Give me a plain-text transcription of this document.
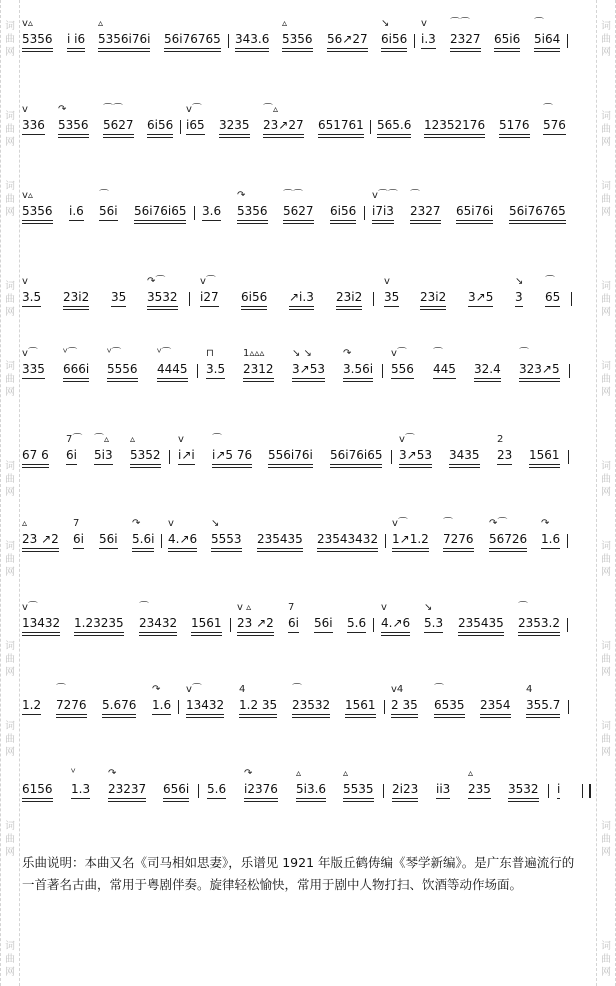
词
曲
网
词
曲
网
词
曲
网
词
曲
网
词
曲
网
词
曲
网
词
曲
网
词
曲
网
词
曲
网
词
曲
网
词
曲
网
词
曲
网
词
曲
网
词
曲
网
词
曲
网
词
曲
网
词
曲
网
词
曲
网
词
曲
网
词
曲
网
词
曲
网
词
曲
网
v▵
5356 i i6
▵
5356i76i 56i76765 343.6
▵
5356 56↗27
↘
6i56
v
i.3
⌒⌒
2327 65i6
⌒
5i64
v
336
↷
5356
⌒⌒
5627 6i56
v⌒
i65 3235
⌒▵
23↗27 651761 565.6 12352176 5176
⌒
576
v▵
5356 i.6
⌒
56i 56i76i65 3.6
↷
5356
⌒⌒
5627 6i56
v⌒⌒
i7i3
⌒
2327 65i76i 56i76765
v
3.5 23i2 35
↷⌒
3532
v⌒
i27 6i56 ↗i.3 23i2
v
35 23i2 3↗5
↘
3
⌒
65
v⌒
335
ⱽ⌒
666i
ⱽ⌒
5556
ⱽ⌒
4445
⊓
3.5
1▵▵▵
2312
↘ ↘
3↗53
↷
3.56i
v⌒
556
⌒
445 32.4
⌒
323↗5
67 6
7⌒
6i
⌒▵
5i3
▵
5352
v
i↗i
⌒
i↗5 76 556i76i 56i76i65
v⌒
3↗53 3435
2
23 1561
▵
23 ↗2
7
6i 56i
↷
5.6i
v
4.↗6
↘
5553 235435 23543432
v⌒
1↗1.2
⌒
7276
↷⌒
56726
↷
1.6
v⌒
13432 1.23235
⌒
23432 1561
v ▵
23 ↗2
7
6i 56i 5.6
v
4.↗6
↘
5.3 235435
⌒
2353.2
1.2
⌒
7276 5.676
↷
1.6
v⌒
13432
4
1.2 35
⌒
23532 1561
v4
2 35
⌒
6535 2354
4
355.7
6156
ⱽ
1.3
↷
23237 656i 5.6
↷
i2376
▵
5i3.6
▵
5535 2i23 ii3
▵
235 3532 i
乐曲说明：本曲又名《司马相如思妻》，乐谱见 1921 年版丘鹤俦编《琴学新编》。是广东普遍流行的一首著名古曲，常用于粤剧伴奏。旋律轻松愉快，常用于剧中人物打扫、饮酒等动作场面。
